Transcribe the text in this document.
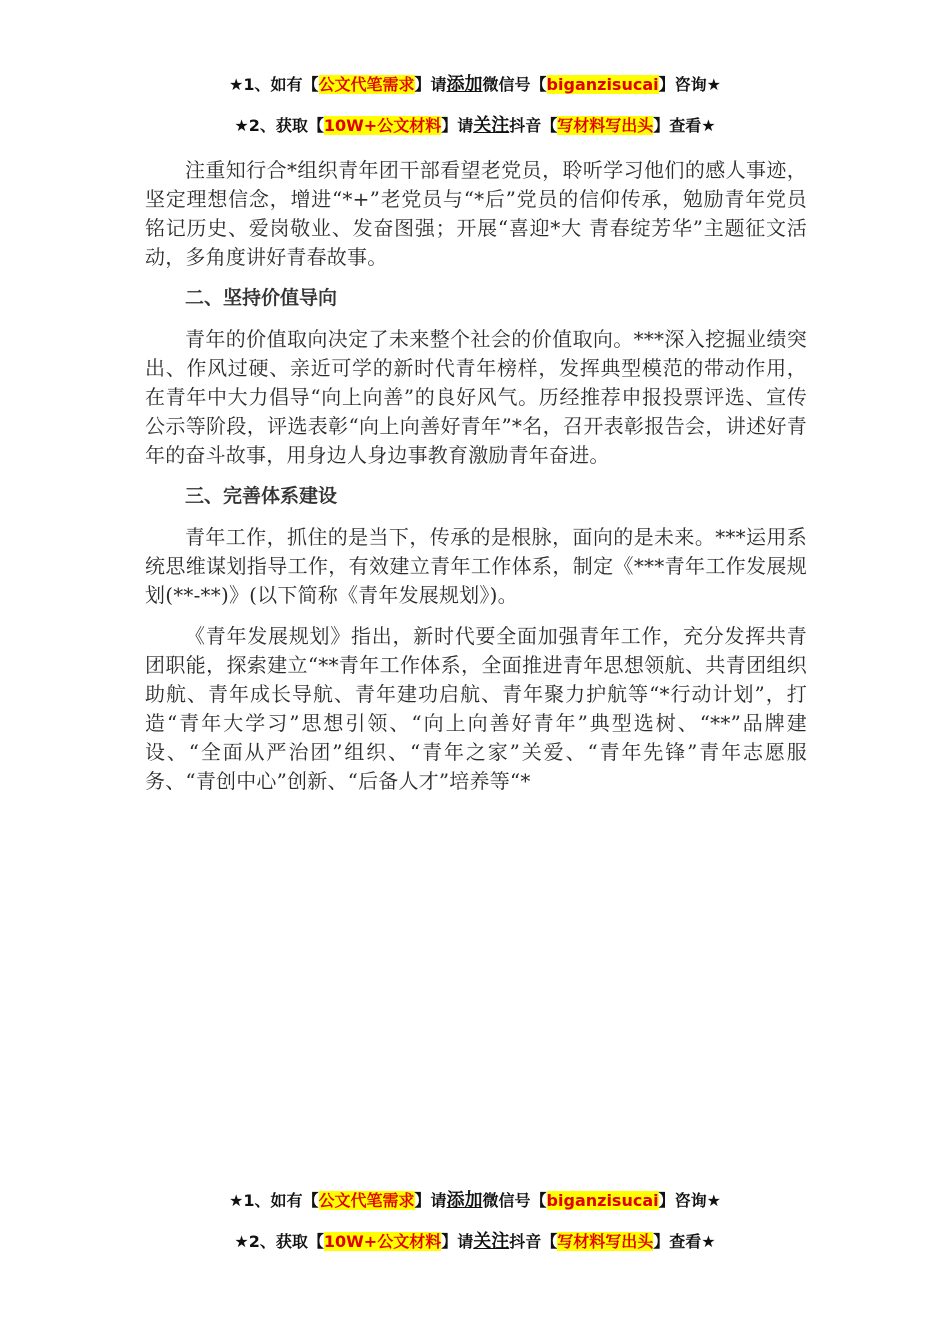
★1、如有【公文代笔需求】请添加微信号【biganzisucai】咨询★
★2、获取【10W+公文材料】请关注抖音【写材料写出头】查看★

注重知行合*组织青年团干部看望老党员，聆听学习他们的感人事迹，坚定理想信念，增进“*+”老党员与“*后”党员的信仰传承，勉励青年党员铭记历史、爱岗敬业、发奋图强；开展“喜迎*大 青春绽芳华”主题征文活动，多角度讲好青春故事。

二、坚持价值导向

青年的价值取向决定了未来整个社会的价值取向。***深入挖掘业绩突出、作风过硬、亲近可学的新时代青年榜样，发挥典型模范的带动作用，在青年中大力倡导“向上向善”的良好风气。历经推荐申报投票评选、宣传公示等阶段，评选表彰“向上向善好青年”*名，召开表彰报告会，讲述好青年的奋斗故事，用身边人身边事教育激励青年奋进。

三、完善体系建设

青年工作，抓住的是当下，传承的是根脉，面向的是未来。***运用系统思维谋划指导工作，有效建立青年工作体系，制定《***青年工作发展规划(**-**)》(以下简称《青年发展规划》)。

《青年发展规划》指出，新时代要全面加强青年工作，充分发挥共青团职能，探索建立“**青年工作体系，全面推进青年思想领航、共青团组织助航、青年成长导航、青年建功启航、青年聚力护航等“*行动计划”，打造“青年大学习”思想引领、“向上向善好青年”典型选树、“**”品牌建设、“全面从严治团”组织、“青年之家”关爱、“青年先锋”青年志愿服务、“青创中心”创新、“后备人才”培养等“*

★1、如有【公文代笔需求】请添加微信号【biganzisucai】咨询★
★2、获取【10W+公文材料】请关注抖音【写材料写出头】查看★
